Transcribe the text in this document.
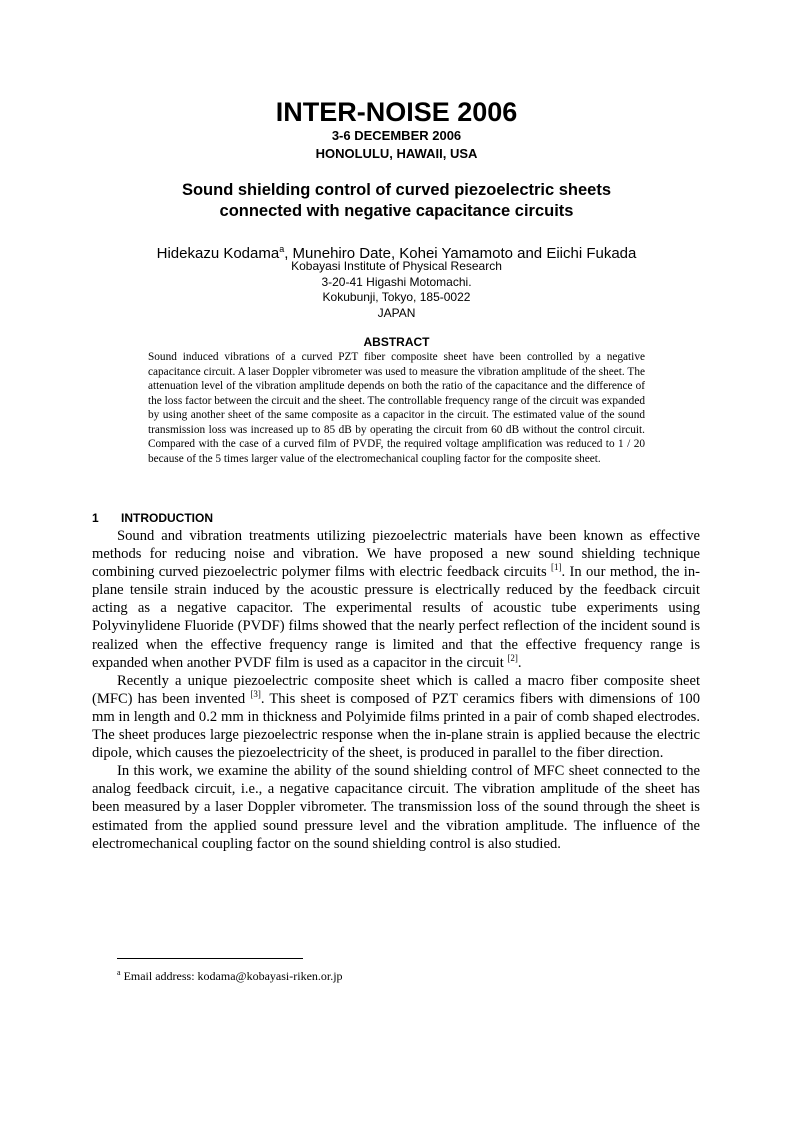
INTER-NOISE 2006
3-6 DECEMBER 2006
HONOLULU, HAWAII, USA
Sound shielding control of curved piezoelectric sheets
connected with negative capacitance circuits
Hidekazu Kodama$^a$, Munehiro Date, Kohei Yamamoto and Eiichi Fukada
Kobayasi Institute of Physical Research
3-20-41 Higashi Motomachi.
Kokubunji, Tokyo, 185-0022
JAPAN
ABSTRACT
Sound induced vibrations of a curved PZT fiber composite sheet have been controlled by a negative capacitance circuit. A laser Doppler vibrometer was used to measure the vibration amplitude of the sheet. The attenuation level of the vibration amplitude depends on both the ratio of the capacitance and the difference of the loss factor between the circuit and the sheet. The controllable frequency range of the circuit was expanded by using another sheet of the same composite as a capacitor in the circuit. The estimated value of the sound transmission loss was increased up to 85 dB by operating the circuit from 60 dB without the control circuit. Compared with the case of a curved film of PVDF, the required voltage amplification was reduced to 1 / 20 because of the 5 times larger value of the electromechanical coupling factor for the composite sheet.
1 INTRODUCTION

Sound and vibration treatments utilizing piezoelectric materials have been known as effective methods for reducing noise and vibration. We have proposed a new sound shielding technique combining curved piezoelectric polymer films with electric feedback circuits [1]. In our method, the in-plane tensile strain induced by the acoustic pressure is electrically reduced by the feedback circuit acting as a negative capacitor. The experimental results of acoustic tube experiments using Polyvinylidene Fluoride (PVDF) films showed that the nearly perfect reflection of the incident sound is realized when the effective frequency range is limited and that the effective frequency range is expanded when another PVDF film is used as a capacitor in the circuit [2].

Recently a unique piezoelectric composite sheet which is called a macro fiber composite sheet (MFC) has been invented [3]. This sheet is composed of PZT ceramics fibers with dimensions of 100 mm in length and 0.2 mm in thickness and Polyimide films printed in a pair of comb shaped electrodes. The sheet produces large piezoelectric response when the in-plane strain is applied because the electric dipole, which causes the piezoelectricity of the sheet, is produced in parallel to the fiber direction.

In this work, we examine the ability of the sound shielding control of MFC sheet connected to the analog feedback circuit, i.e., a negative capacitance circuit. The vibration amplitude of the sheet has been measured by a laser Doppler vibrometer. The transmission loss of the sound through the sheet is estimated from the applied sound pressure level and the vibration amplitude. The influence of the electromechanical coupling factor on the sound shielding control is also studied.

$^a$ Email address: kodama@kobayasi-riken.or.jp
